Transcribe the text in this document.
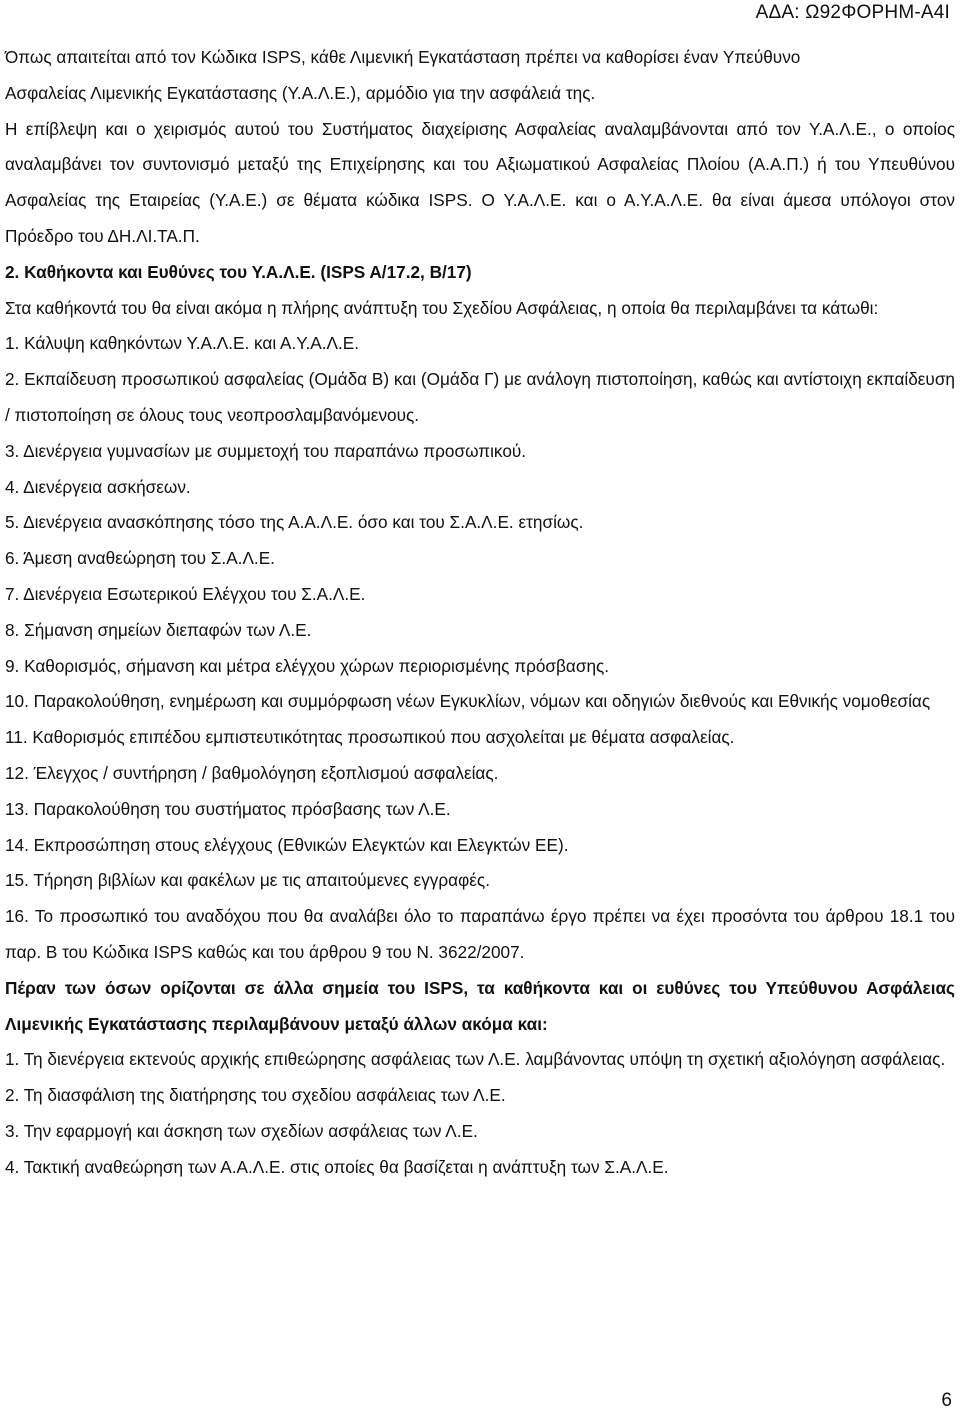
ΑΔΑ: Ω92ΦΟΡΗΜ-Α4Ι
Όπως απαιτείται από τον Κώδικα ISPS, κάθε Λιμενική Εγκατάσταση πρέπει να καθορίσει έναν Υπεύθυνο
Ασφαλείας Λιμενικής Εγκατάστασης (Υ.Α.Λ.Ε.), αρμόδιο για την ασφάλειά της.
Η επίβλεψη και ο χειρισμός αυτού του Συστήματος διαχείρισης Ασφαλείας αναλαμβάνονται από τον Υ.Α.Λ.Ε., ο οποίος αναλαμβάνει τον συντονισμό μεταξύ της Επιχείρησης και του Αξιωματικού Ασφαλείας Πλοίου (Α.Α.Π.) ή του Υπευθύνου Ασφαλείας της Εταιρείας (Υ.Α.Ε.) σε θέματα κώδικα ISPS. Ο Υ.Α.Λ.Ε. και ο Α.Υ.Α.Λ.Ε. θα είναι άμεσα υπόλογοι στον Πρόεδρο του ΔΗ.ΛΙ.ΤΑ.Π.
2. Καθήκοντα και Ευθύνες του Υ.Α.Λ.Ε. (ISPS A/17.2, B/17)
Στα καθήκοντά του θα είναι ακόμα η πλήρης ανάπτυξη του Σχεδίου Ασφάλειας, η οποία θα περιλαμβάνει τα κάτωθι:
1. Κάλυψη καθηκόντων Υ.Α.Λ.Ε. και Α.Υ.Α.Λ.Ε.
2. Εκπαίδευση προσωπικού ασφαλείας (Ομάδα Β) και (Ομάδα Γ) με ανάλογη πιστοποίηση, καθώς και αντίστοιχη εκπαίδευση / πιστοποίηση σε όλους τους νεοπροσλαμβανόμενους.
3. Διενέργεια γυμνασίων με συμμετοχή του παραπάνω προσωπικού.
4. Διενέργεια ασκήσεων.
5. Διενέργεια ανασκόπησης τόσο της Α.Α.Λ.Ε. όσο και του Σ.Α.Λ.Ε. ετησίως.
6. Άμεση αναθεώρηση του Σ.Α.Λ.Ε.
7. Διενέργεια Εσωτερικού Ελέγχου του Σ.Α.Λ.Ε.
8. Σήμανση σημείων διεπαφών των Λ.Ε.
9. Καθορισμός, σήμανση και μέτρα ελέγχου χώρων περιορισμένης πρόσβασης.
10. Παρακολούθηση, ενημέρωση και συμμόρφωση νέων Εγκυκλίων, νόμων και οδηγιών διεθνούς και Εθνικής νομοθεσίας
11. Καθορισμός επιπέδου εμπιστευτικότητας προσωπικού που ασχολείται με θέματα ασφαλείας.
12. Έλεγχος / συντήρηση / βαθμολόγηση εξοπλισμού ασφαλείας.
13. Παρακολούθηση του συστήματος πρόσβασης των Λ.Ε.
14. Εκπροσώπηση στους ελέγχους (Εθνικών Ελεγκτών και Ελεγκτών ΕΕ).
15. Τήρηση βιβλίων και φακέλων με τις απαιτούμενες εγγραφές.
16. Το προσωπικό του αναδόχου που θα αναλάβει όλο το παραπάνω έργο πρέπει να έχει προσόντα του άρθρου 18.1 του παρ. Β του Κώδικα ISPS καθώς και του άρθρου 9 του Ν. 3622/2007.
Πέραν των όσων ορίζονται σε άλλα σημεία του ISPS, τα καθήκοντα και οι ευθύνες του Υπεύθυνου Ασφάλειας Λιμενικής Εγκατάστασης περιλαμβάνουν μεταξύ άλλων ακόμα και:
1. Τη διενέργεια εκτενούς αρχικής επιθεώρησης ασφάλειας των Λ.Ε. λαμβάνοντας υπόψη τη σχετική αξιολόγηση ασφάλειας.
2. Τη διασφάλιση της διατήρησης του σχεδίου ασφάλειας των Λ.Ε.
3. Την εφαρμογή και άσκηση των σχεδίων ασφάλειας των Λ.Ε.
4. Τακτική αναθεώρηση των Α.Α.Λ.Ε. στις οποίες θα βασίζεται η ανάπτυξη των Σ.Α.Λ.Ε.
6
